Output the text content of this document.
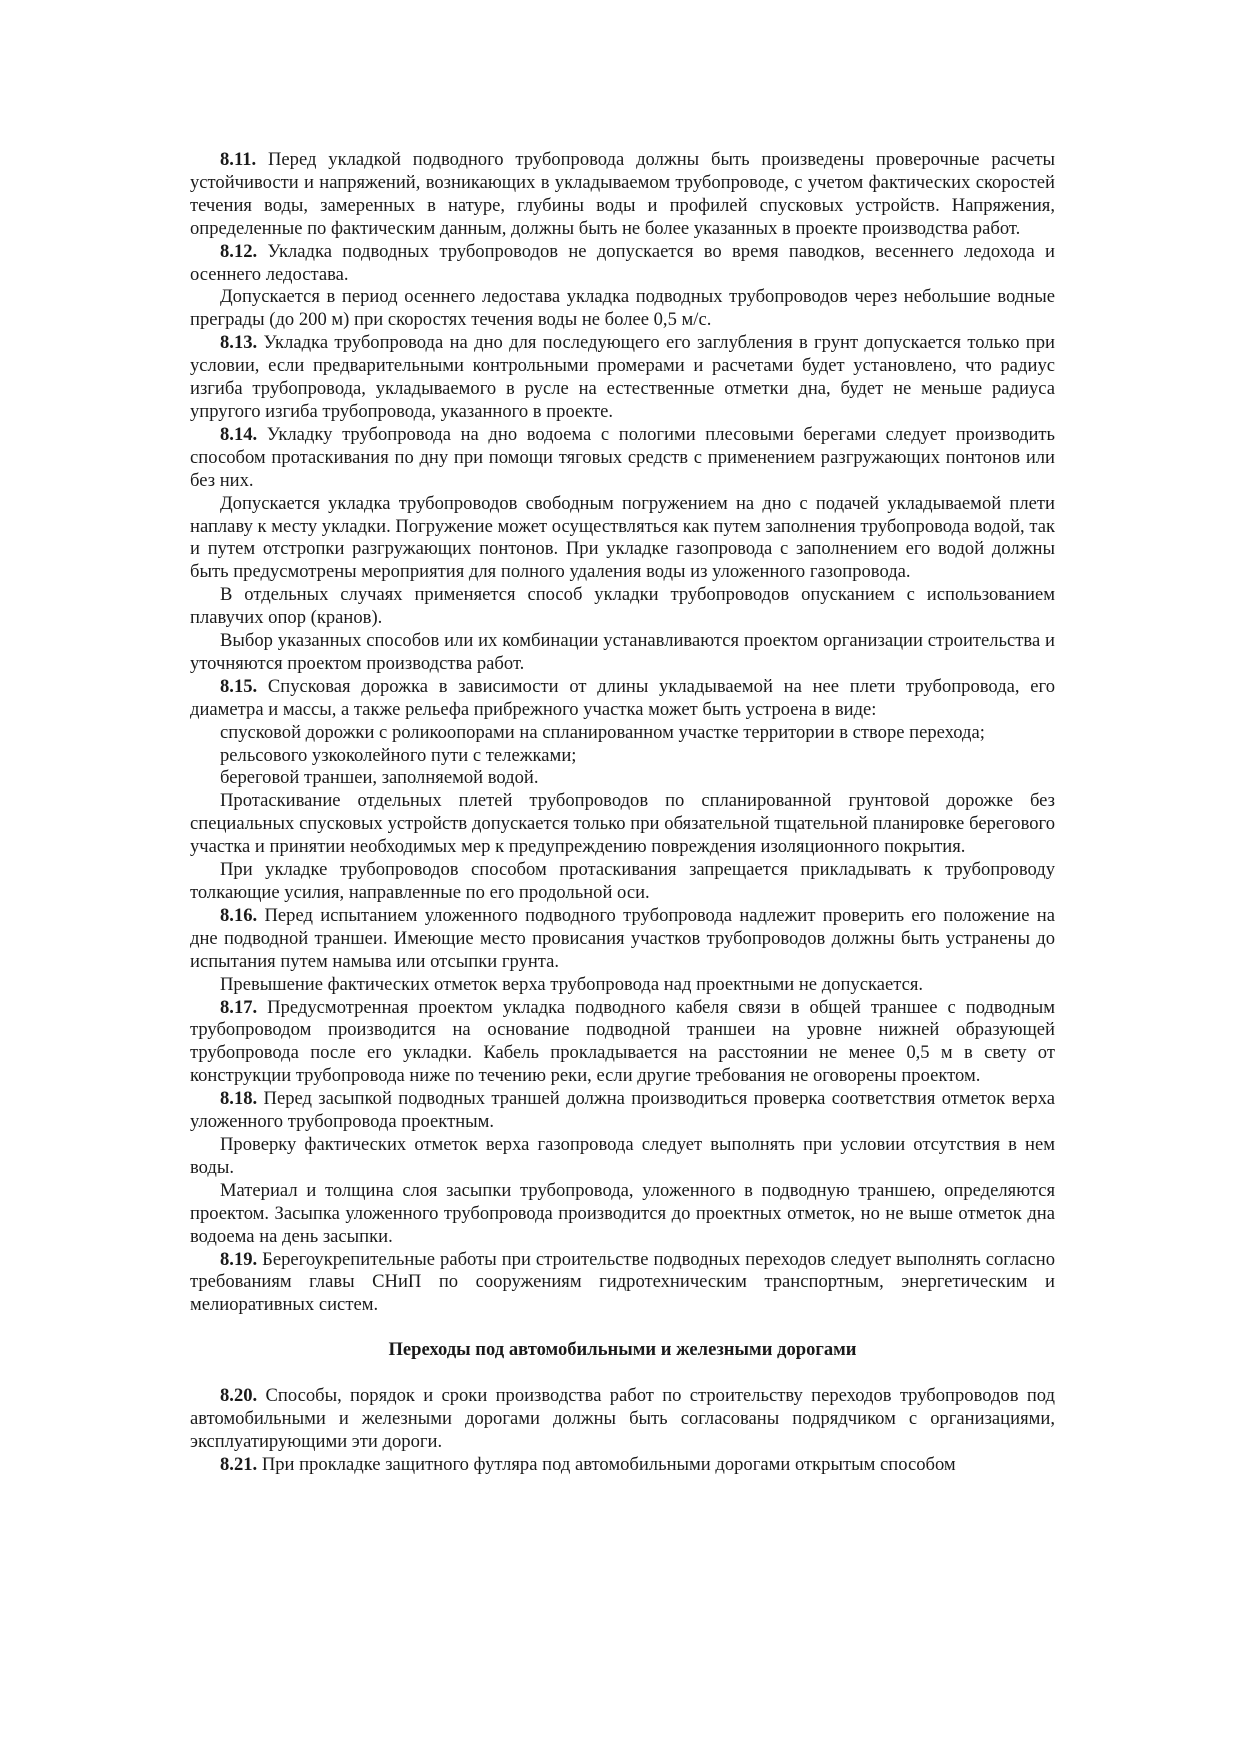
8.11. Перед укладкой подводного трубопровода должны быть произведены проверочные расчеты устойчивости и напряжений, возникающих в укладываемом трубопроводе, с учетом фактических скоростей течения воды, замеренных в натуре, глубины воды и профилей спусковых устройств. Напряжения, определенные по фактическим данным, должны быть не более указанных в проекте производства работ.

8.12. Укладка подводных трубопроводов не допускается во время паводков, весеннего ледохода и осеннего ледостава.

Допускается в период осеннего ледостава укладка подводных трубопроводов через небольшие водные преграды (до 200 м) при скоростях течения воды не более 0,5 м/с.

8.13. Укладка трубопровода на дно для последующего его заглубления в грунт допускается только при условии, если предварительными контрольными промерами и расчетами будет установлено, что радиус изгиба трубопровода, укладываемого в русле на естественные отметки дна, будет не меньше радиуса упругого изгиба трубопровода, указанного в проекте.

8.14. Укладку трубопровода на дно водоема с пологими плесовыми берегами следует производить способом протаскивания по дну при помощи тяговых средств с применением разгружающих понтонов или без них.

Допускается укладка трубопроводов свободным погружением на дно с подачей укладываемой плети наплаву к месту укладки. Погружение может осуществляться как путем заполнения трубопровода водой, так и путем отстропки разгружающих понтонов. При укладке газопровода с заполнением его водой должны быть предусмотрены мероприятия для полного удаления воды из уложенного газопровода.

В отдельных случаях применяется способ укладки трубопроводов опусканием с использованием плавучих опор (кранов).

Выбор указанных способов или их комбинации устанавливаются проектом организации строительства и уточняются проектом производства работ.

8.15. Спусковая дорожка в зависимости от длины укладываемой на нее плети трубопровода, его диаметра и массы, а также рельефа прибрежного участка может быть устроена в виде:

спусковой дорожки с роликоопорами на спланированном участке территории в створе перехода;

рельсового узкоколейного пути с тележками;

береговой траншеи, заполняемой водой.

Протаскивание отдельных плетей трубопроводов по спланированной грунтовой дорожке без специальных спусковых устройств допускается только при обязательной тщательной планировке берегового участка и принятии необходимых мер к предупреждению повреждения изоляционного покрытия.

При укладке трубопроводов способом протаскивания запрещается прикладывать к трубопроводу толкающие усилия, направленные по его продольной оси.

8.16. Перед испытанием уложенного подводного трубопровода надлежит проверить его положение на дне подводной траншеи. Имеющие место провисания участков трубопроводов должны быть устранены до испытания путем намыва или отсыпки грунта.

Превышение фактических отметок верха трубопровода над проектными не допускается.

8.17. Предусмотренная проектом укладка подводного кабеля связи в общей траншее с подводным трубопроводом производится на основание подводной траншеи на уровне нижней образующей трубопровода после его укладки. Кабель прокладывается на расстоянии не менее 0,5 м в свету от конструкции трубопровода ниже по течению реки, если другие требования не оговорены проектом.

8.18. Перед засыпкой подводных траншей должна производиться проверка соответствия отметок верха уложенного трубопровода проектным.

Проверку фактических отметок верха газопровода следует выполнять при условии отсутствия в нем воды.

Материал и толщина слоя засыпки трубопровода, уложенного в подводную траншею, определяются проектом. Засыпка уложенного трубопровода производится до проектных отметок, но не выше отметок дна водоема на день засыпки.

8.19. Берегоукрепительные работы при строительстве подводных переходов следует выполнять согласно требованиям главы СНиП по сооружениям гидротехническим транспортным, энергетическим и мелиоративных систем.

Переходы под автомобильными и железными дорогами

8.20. Способы, порядок и сроки производства работ по строительству переходов трубопроводов под автомобильными и железными дорогами должны быть согласованы подрядчиком с организациями, эксплуатирующими эти дороги.

8.21. При прокладке защитного футляра под автомобильными дорогами открытым способом
